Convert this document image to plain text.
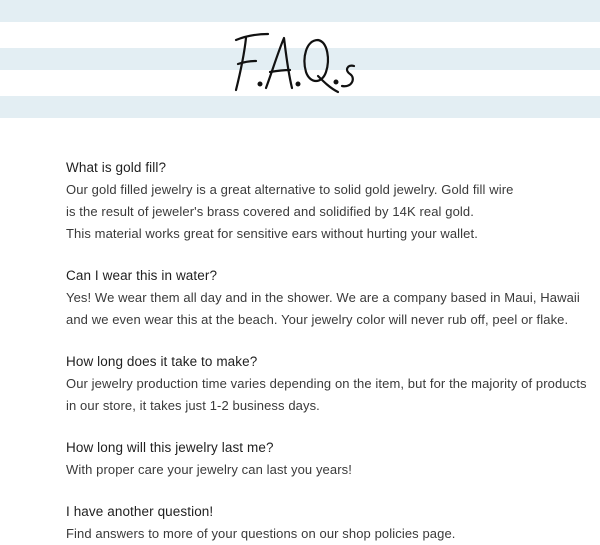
What is gold fill?

Our gold filled jewelry is a great alternative to solid gold jewelry. Gold fill wire
is the result of jeweler's brass covered and solidified by 14K real gold.
This material works great for sensitive ears without hurting your wallet.

Can I wear this in water?

Yes! We wear them all day and in the shower. We are a company based in Maui, Hawaii
and we even wear this at the beach. Your jewelry color will never rub off, peel or flake.

How long does it take to make?

Our jewelry production time varies depending on the item, but for the majority of products
in our store, it takes just 1-2 business days.

How long will this jewelry last me?

With proper care your jewelry can last you years!

I have another question!

Find answers to more of your questions on our shop policies page.
